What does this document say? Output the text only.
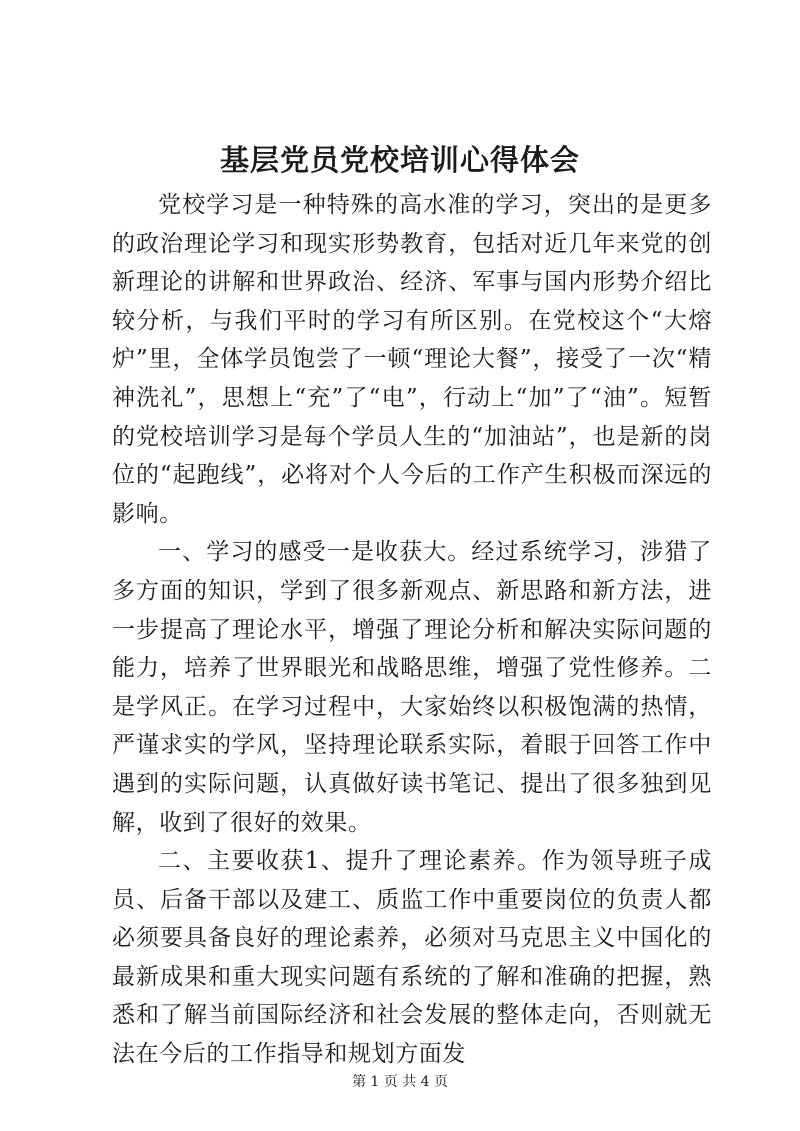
基层党员党校培训心得体会

党校学习是一种特殊的高水准的学习，突出的是更多的政治理论学习和现实形势教育，包括对近几年来党的创新理论的讲解和世界政治、经济、军事与国内形势介绍比较分析，与我们平时的学习有所区别。在党校这个“大熔炉”里，全体学员饱尝了一顿“理论大餐”，接受了一次“精神洗礼”，思想上“充”了“电”，行动上“加”了“油”。短暂的党校培训学习是每个学员人生的“加油站”，也是新的岗位的“起跑线”，必将对个人今后的工作产生积极而深远的影响。

一、学习的感受一是收获大。经过系统学习，涉猎了多方面的知识，学到了很多新观点、新思路和新方法，进一步提高了理论水平，增强了理论分析和解决实际问题的能力，培养了世界眼光和战略思维，增强了党性修养。二是学风正。在学习过程中，大家始终以积极饱满的热情，严谨求实的学风，坚持理论联系实际，着眼于回答工作中遇到的实际问题，认真做好读书笔记、提出了很多独到见解，收到了很好的效果。

二、主要收获1、提升了理论素养。作为领导班子成员、后备干部以及建工、质监工作中重要岗位的负责人都必须要具备良好的理论素养，必须对马克思主义中国化的最新成果和重大现实问题有系统的了解和准确的把握，熟悉和了解当前国际经济和社会发展的整体走向，否则就无法在今后的工作指导和规划方面发

第 1 页 共 4 页
